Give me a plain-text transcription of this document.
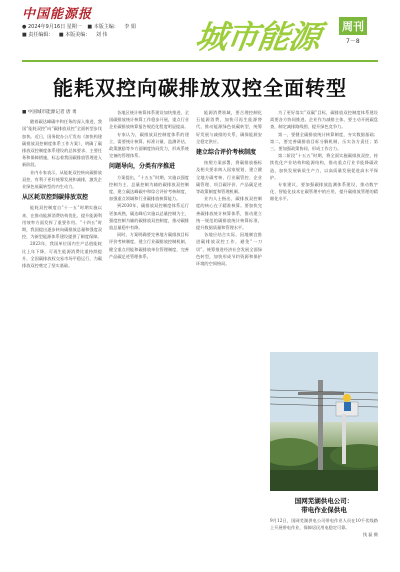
中国能源报
● 2024年9月16日 星期一 ■ 本版主编： 李 娟
■ 责任编辑： ■ 本版美编： 刘 伟	城市能源 周刊
7－8
能耗双控向碳排放双控全面转型
■ 中国城市能源记者 唐 勇
随着碳达峰碳中和任务的深入推进，我国“能耗双控”向“碳排放双控”全面转型步伐加快。近日，国务院办公厅发布《加快构建碳排放双控制度体系工作方案》，明确了碳排放双控制度体系建设的总体要求、主要任务和保障措施，标志着我国碳排放管理进入新阶段。
业内专家表示，从能耗双控转向碳排放双控，有利于更好统筹发展和减排，激发企业绿色低碳转型的内生动力。
从区耗双控到碳排放双控
能耗双控制度自“十一五”时期实施以来，在推动能源消费结构优化、提升能源利用效率方面发挥了重要作用。“十四五”时期，我国提出逐步转向碳排放总量和强度双控，为新型能源体系建设提供了制度保障。
2023年，我国单位国内生产总值能耗比上年下降，可再生能源消费比重持续提升，全国碳排放权交易市场平稳运行，为碳排放双控奠定了坚实基础。
各地区统计核算体系建设加快推进，全国碳排放统计核算工作稳步开展，重点行业企业碳排放核算报告规范化程度明显提高。
专家认为，碳排放双控制度体系的建立，需要统计核算、标准计量、监测评估、政策激励等多方面制度协同发力，形成系统完备的管理体系。
问题导向，分类有序推进
方案提出，“十五五”时期，实施以强度控制为主、总量控制为辅的碳排放双控制度，建立碳达峰碳中和综合评价考核制度，加强重点领域和行业碳排放核算能力。
到2030年，碳排放双控制度体系运行更加成熟，碳达峰后实施以总量控制为主、强度控制为辅的碳排放双控制度，推动碳排放总量稳中有降。
同时，方案明确要完善地方碳排放目标评价考核制度，建立行业碳排放控制机制，健全重点用能和碳排放单位管理制度，完善产品碳足迹管理体系。
能源消费领域，要合理控制化石能源消费，加快可再生能源替代，推动能源绿色低碳转型，统筹好发展与减排的关系，确保能源安全稳定供应。
建立综合评价考核制度
按照方案部署，将碳排放指标及相关要求纳入国家规划，建立健全地方碳考核、行业碳管控、企业碳管理、项目碳评价、产品碳足迹等政策制度和管理机制。
业内人士指出，碳排放双控制度的核心在于精准核算。要加快完善碳排放统计核算体系，推动建立统一规范的碳排放统计核算标准，提升数据质量和管理水平。
各地应结合实际，因地制宜推进碳排放双控工作，避免“一刀切”，统筹推进经济社会发展全面绿色转型，加快形成节约资源和保护环境的空间格局。
为了更好落实“双碳”目标，碳排放双控制度体系建设需要各方协同推进。企业作为减排主体，要主动开展碳盘查，制定减排路线图，提升绿色竞争力。
第一，要健全碳排放统计核算制度，夯实数据基础；第二，要完善碳排放目标分解机制，压实各方责任；第三，要加强政策协同，形成工作合力。
第二阶段“十五五”时期，将全面实施碳排放双控，持续优化产业结构和能源结构，推动重点行业节能降碳改造，加快发展新质生产力，以高质量发展促进高水平保护。
专家建议，要加强碳排放监测体系建设，推动数字化、智能化技术在碳管理中的应用，提升碳排放管理的精细化水平。
国网芜湖供电公司：
带电作业保供电
9月12日，国网芜湖供电公司带电作业人员在10千伏线路上开展带电作业，保障居民用电稳定可靠。
钱 磊 摄
